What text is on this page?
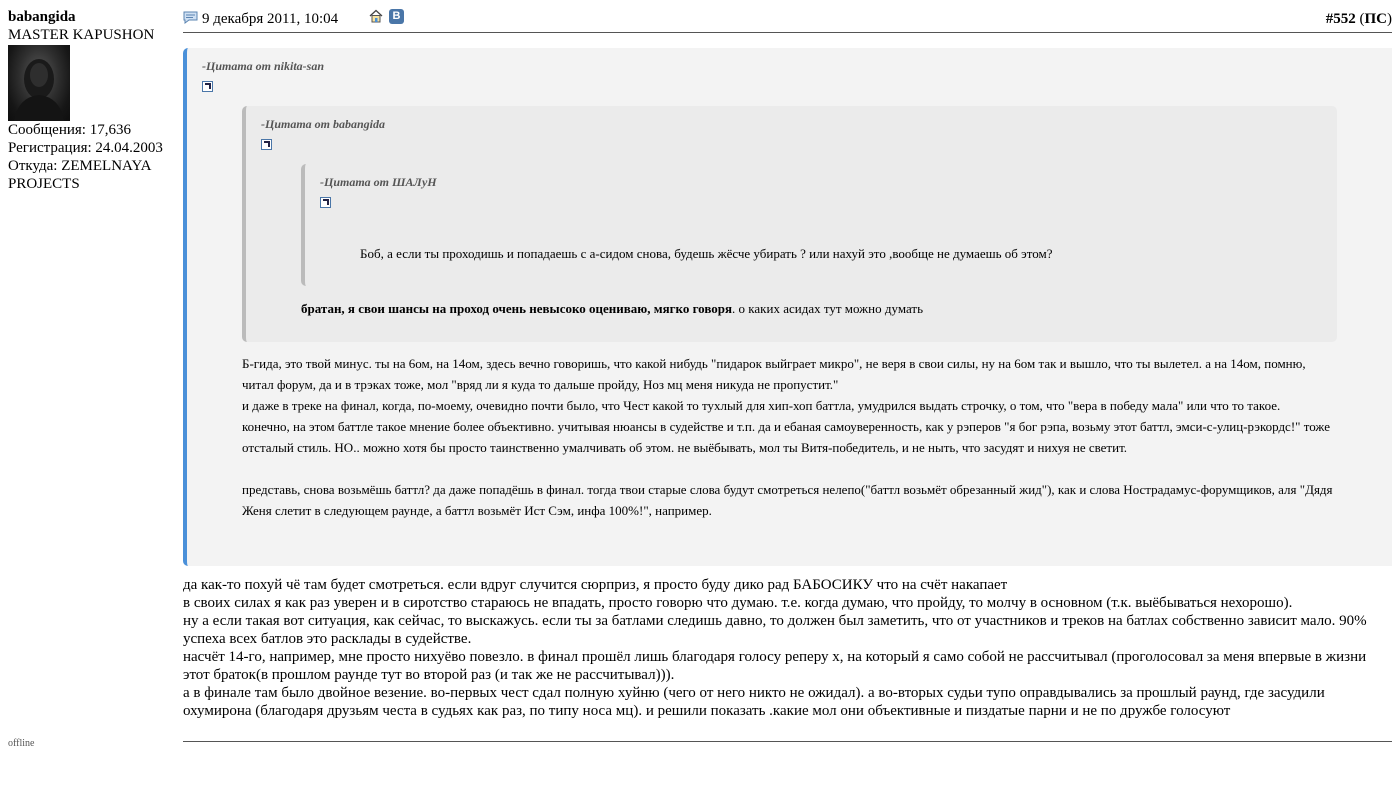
babangida
MASTER KAPUSHON
Сообщения: 17,636
Регистрация: 24.04.2003
Откуда: ZEMELNAYA PROJECTS
offline
9 декабря 2011, 10:04	В	#552 (ПС)
-Цитата от nikita-san
-Цитата от babangida
-Цитата от ШАЛуН
Боб, а если ты проходишь и попадаешь с а-сидом снова, будешь жёсче убирать ? или нахуй это ,вообще не думаешь об этом?
братан, я свои шансы на проход очень невысоко оцениваю, мягко говоря. о каких асидах тут можно думать
Б-гида, это твой минус. ты на 6ом, на 14ом, здесь вечно говоришь, что какой нибудь "пидарок выйграет микро", не веря в свои силы, ну на 6ом так и вышло, что ты вылетел. а на 14ом, помню, читал форум, да и в трэках тоже, мол "вряд ли я куда то дальше пройду, Ноз мц меня никуда не пропустит."
и даже в треке на финал, когда, по-моему, очевидно почти было, что Чест какой то тухлый для хип-хоп баттла, умудрился выдать строчку, о том, что "вера в победу мала" или что то такое.
конечно, на этом баттле такое мнение более объективно. учитывая нюансы в судействе и т.п. да и ебаная самоуверенность, как у рэперов "я бог рэпа, возьму этот баттл, эмси-с-улиц-рэкордс!" тоже отсталый стиль. НО.. можно хотя бы просто таинственно умалчивать об этом. не выёбывать, мол ты Витя-победитель, и не ныть, что засудят и нихуя не светит.
представь, снова возьмёшь баттл? да даже попадёшь в финал. тогда твои старые слова будут смотреться нелепо("баттл возьмёт обрезанный жид"), как и слова Нострадамус-форумщиков, аля "Дядя Женя слетит в следующем раунде, а баттл возьмёт Ист Сэм, инфа 100%!", например.

да как-то похуй чё там будет смотреться. если вдруг случится сюрприз, я просто буду дико рад БАБОСИКУ что на счёт накапает

в своих силах я как раз уверен и в сиротство стараюсь не впадать, просто говорю что думаю. т.е. когда думаю, что пройду, то молчу в основном (т.к. выёбываться нехорошо).

ну а если такая вот ситуация, как сейчас, то выскажусь. если ты за батлами следишь давно, то должен был заметить, что от участников и треков на батлах собственно зависит мало. 90% успеха всех батлов это расклады в судействе.

насчёт 14-го, например, мне просто нихуёво повезло. в финал прошёл лишь благодаря голосу реперу х, на который я само собой не рассчитывал (проголосовал за меня впервые в жизни этот браток(в прошлом раунде тут во второй раз (и так же не рассчитывал))).

а в финале там было двойное везение. во-первых чест сдал полную хуйню (чего от него никто не ожидал). а во-вторых судьи тупо оправдывались за прошлый раунд, где засудили охумирона (благодаря друзьям честа в судьях как раз, по типу носа мц). и решили показать .какие мол они объективные и пиздатые парни и не по дружбе голосуют
